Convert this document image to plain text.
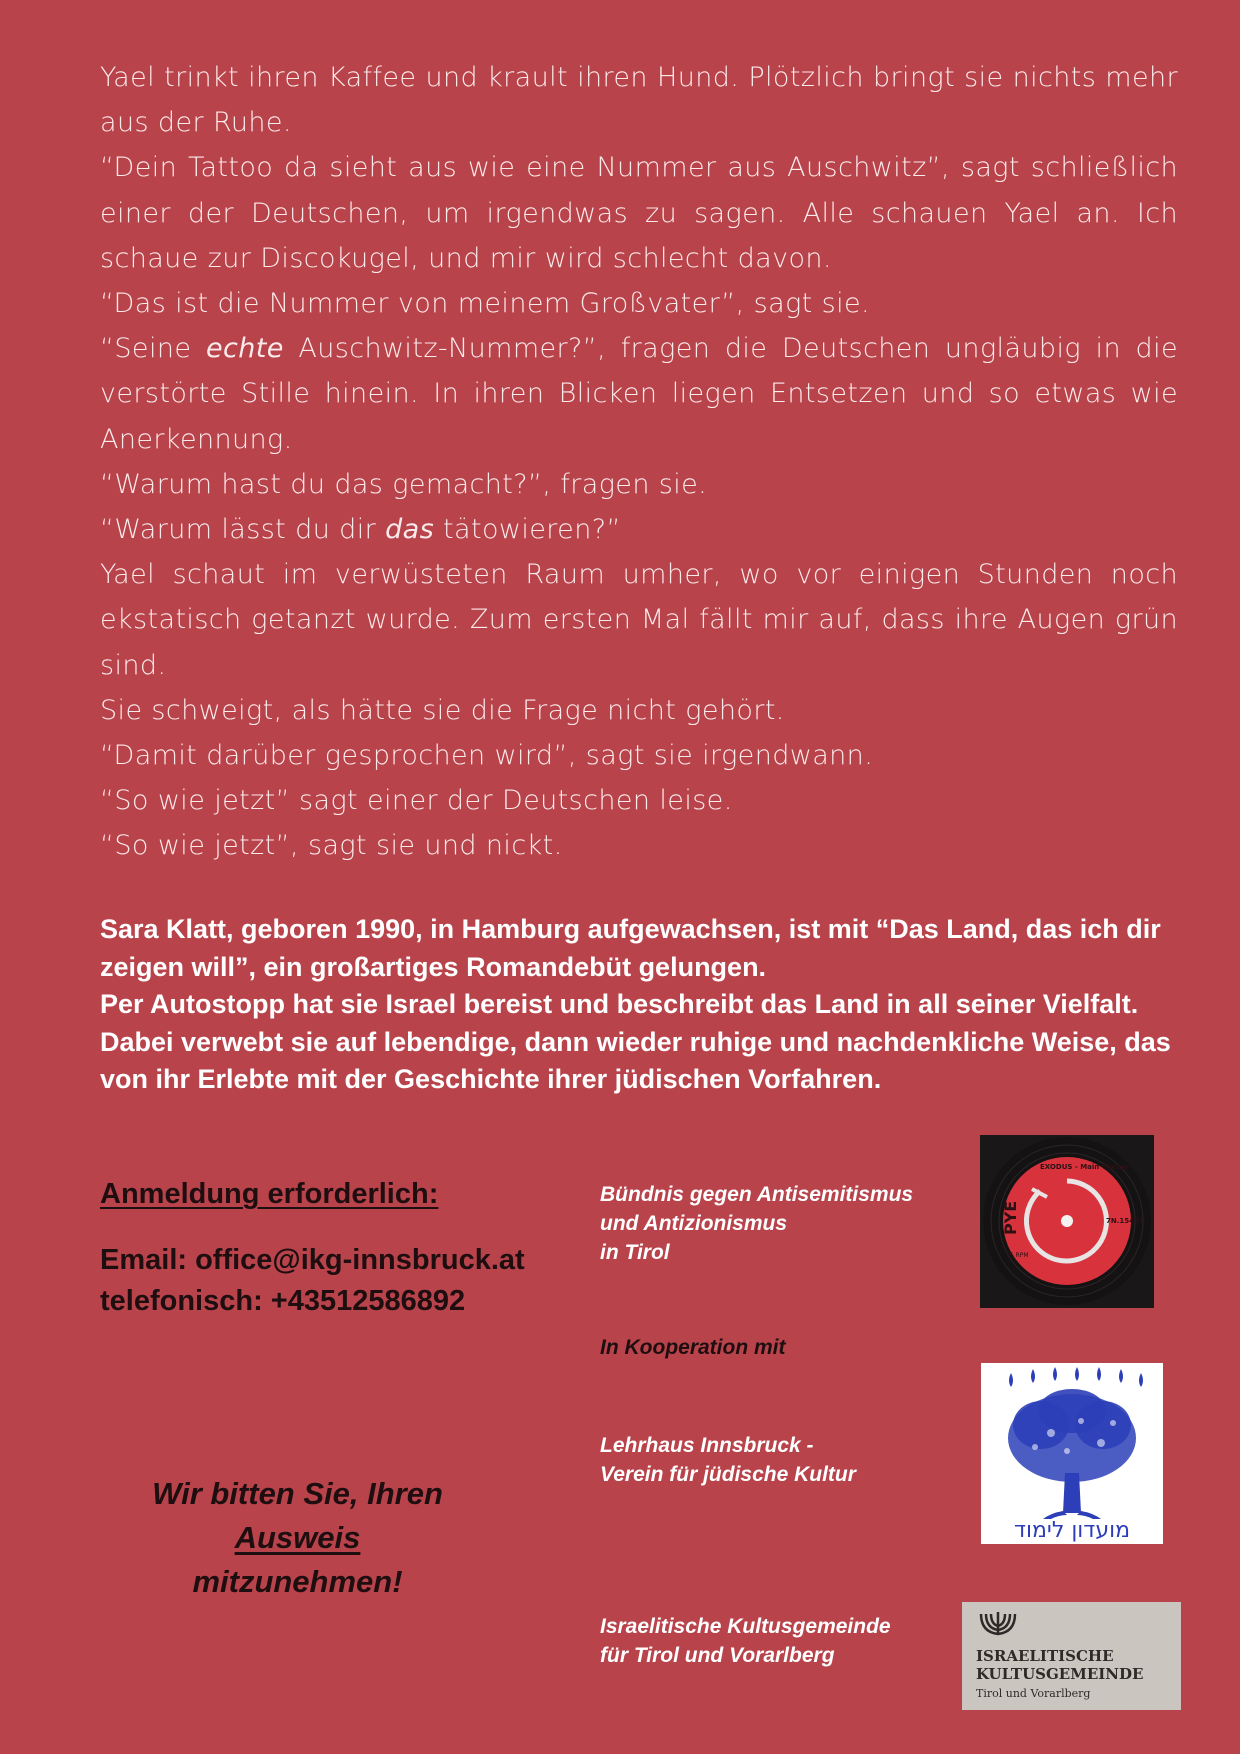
Yael trinkt ihren Kaffee und krault ihren Hund. Plötzlich bringt sie nichts mehr aus der Ruhe.

“Dein Tattoo da sieht aus wie eine Nummer aus Auschwitz”, sagt schließlich einer der Deutschen, um irgendwas zu sagen. Alle schauen Yael an. Ich schaue zur Discokugel, und mir wird schlecht davon.

“Das ist die Nummer von meinem Großvater”, sagt sie.

“Seine echte Auschwitz-Nummer?”, fragen die Deutschen ungläubig in die verstörte Stille hinein. In ihren Blicken liegen Entsetzen und so etwas wie Anerkennung.

“Warum hast du das gemacht?”, fragen sie.

“Warum lässt du dir das tätowieren?”

Yael schaut im verwüsteten Raum umher, wo vor einigen Stunden noch ekstatisch getanzt wurde. Zum ersten Mal fällt mir auf, dass ihre Augen grün sind.

Sie schweigt, als hätte sie die Frage nicht gehört.

“Damit darüber gesprochen wird”, sagt sie irgendwann.

“So wie jetzt” sagt einer der Deutschen leise.

“So wie jetzt”, sagt sie und nickt.

Sara Klatt, geboren 1990, in Hamburg aufgewachsen, ist mit “Das Land, das ich dir zeigen will”, ein großartiges Romandebüt gelungen.

Per Autostopp hat sie Israel bereist und beschreibt das Land in all seiner Vielfalt. Dabei verwebt sie auf lebendige, dann wieder ruhige und nachdenkliche Weise, das von ihr Erlebte mit der Geschichte ihrer jüdischen Vorfahren.

Anmeldung erforderlich:
Email: office@ikg-innsbruck.at
telefonisch: +43512586892
Wir bitten Sie, Ihren
Ausweis
mitzunehmen!
Bündnis gegen Antisemitismus
und Antizionismus
in Tirol
In Kooperation mit
Lehrhaus Innsbruck -
Verein für jüdische Kultur
Israelitische Kultusgemeinde
für Tirol und Vorarlberg
EXODUS - Main Theme
PYE	7N.15471
45 RPM
מועדון לימוד
ISRAELITISCHE
KULTUSGEMEINDE
Tirol und Vorarlberg
